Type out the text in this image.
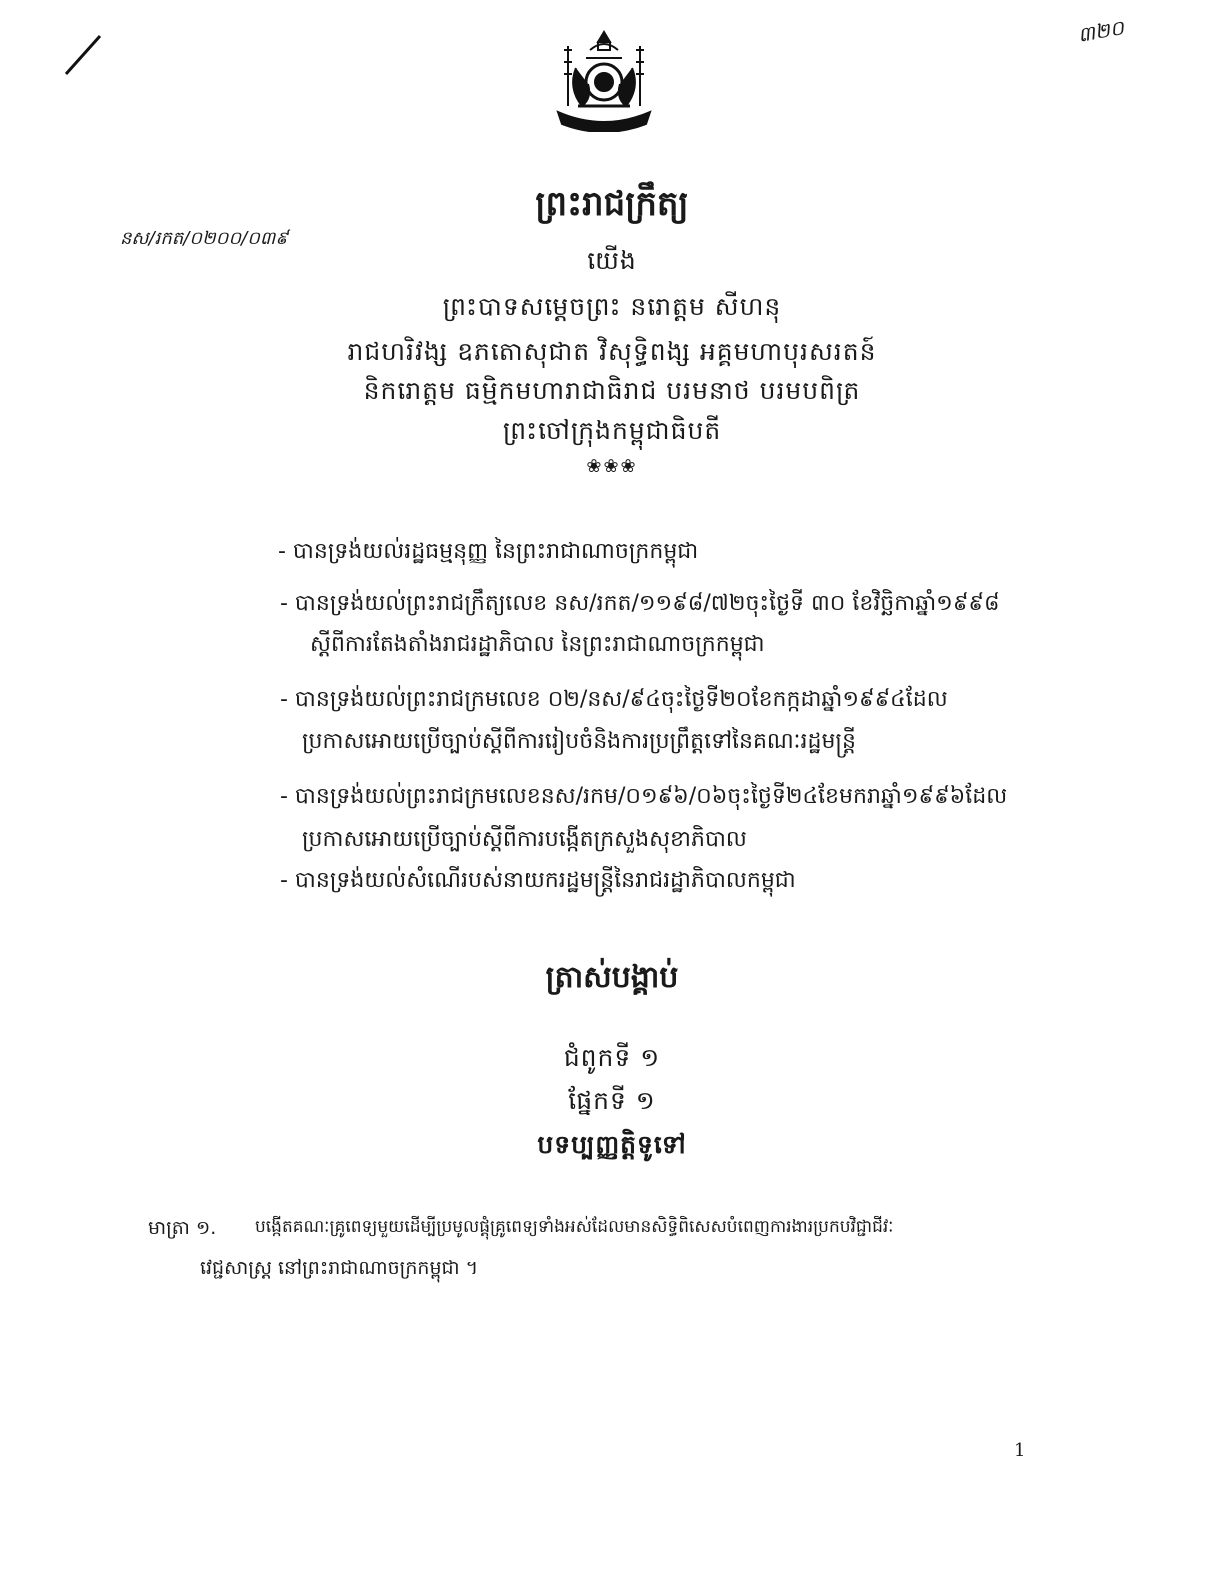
៣២០
នស/រកត/០២០០/០៣៩
ព្រះរាជក្រឹត្យ
យើង
ព្រះបាទសម្ដេចព្រះ នរោត្ដម សីហនុ
រាជហរិវង្ស ឧភតោសុជាត វិសុទ្ធិពង្ស អគ្គមហាបុរសរតន៍
និករោត្ដម ធម្មិកមហារាជាធិរាជ បរមនាថ បរមបពិត្រ
ព្រះចៅក្រុងកម្ពុជាធិបតី
❀❀❀
- បានទ្រង់យល់រដ្ឋធម្មនុញ្ញ នៃព្រះរាជាណាចក្រកម្ពុជា
- បានទ្រង់យល់ព្រះរាជក្រឹត្យលេខ នស/រកត/១១៩៨/៧២ចុះថ្ងៃទី ៣០ ខែវិច្ឆិកាឆ្នាំ១៩៩៨
ស្ដីពីការតែងតាំងរាជរដ្ឋាភិបាល នៃព្រះរាជាណាចក្រកម្ពុជា
- បានទ្រង់យល់ព្រះរាជក្រមលេខ ០២/នស/៩៤ចុះថ្ងៃទី២០ខែកក្កដាឆ្នាំ១៩៩៤ដែល
ប្រកាសអោយប្រើច្បាប់ស្ដីពីការរៀបចំនិងការប្រព្រឹត្តទៅនៃគណៈរដ្ឋមន្ត្រី
- បានទ្រង់យល់ព្រះរាជក្រមលេខនស/រកម/០១៩៦/០៦ចុះថ្ងៃទី២៤ខែមករាឆ្នាំ១៩៩៦ដែល
ប្រកាសអោយប្រើច្បាប់ស្ដីពីការបង្កើតក្រសួងសុខាភិបាល
- បានទ្រង់យល់សំណើរបស់នាយករដ្ឋមន្ត្រីនៃរាជរដ្ឋាភិបាលកម្ពុជា
ត្រាស់បង្គាប់
ជំពូកទី ១
ផ្នែកទី ១
បទប្បញ្ញត្តិទូទៅ
មាត្រា ១. បង្កើតគណៈគ្រូពេទ្យមួយដើម្បីប្រមូលផ្ដុំគ្រូពេទ្យទាំងអស់ដែលមានសិទ្ធិពិសេសបំពេញការងារប្រកបវិជ្ជាជីវៈ
វេជ្ជសាស្ត្រ នៅព្រះរាជាណាចក្រកម្ពុជា ។
1
